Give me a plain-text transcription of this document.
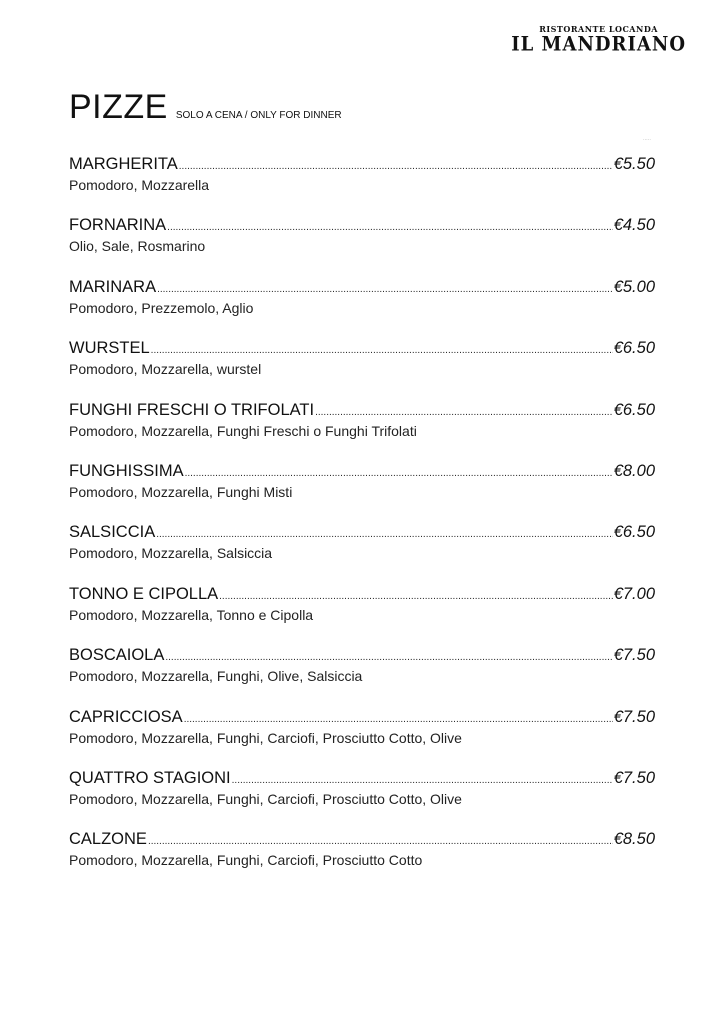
RISTORANTE LOCANDA
IL MANDRIANO
PIZZE SOLO A CENA / ONLY FOR DINNER
.....
MARGHERITA .....	€5.50
Pomodoro, Mozzarella
FORNARINA .....	€4.50
Olio, Sale, Rosmarino
MARINARA .....	€5.00
Pomodoro, Prezzemolo, Aglio
WURSTEL .....	€6.50
Pomodoro, Mozzarella, wurstel
FUNGHI FRESCHI O TRIFOLATI .....	€6.50
Pomodoro, Mozzarella, Funghi Freschi o Funghi Trifolati
FUNGHISSIMA .....	€8.00
Pomodoro, Mozzarella, Funghi Misti
SALSICCIA .....	€6.50
Pomodoro, Mozzarella, Salsiccia
TONNO E CIPOLLA .....	€7.00
Pomodoro, Mozzarella, Tonno e Cipolla
BOSCAIOLA .....	€7.50
Pomodoro, Mozzarella, Funghi, Olive, Salsiccia
CAPRICCIOSA .....	€7.50
Pomodoro, Mozzarella, Funghi, Carciofi, Prosciutto Cotto, Olive
QUATTRO STAGIONI .....	€7.50
Pomodoro, Mozzarella, Funghi, Carciofi, Prosciutto Cotto, Olive
CALZONE .....	€8.50
Pomodoro, Mozzarella, Funghi, Carciofi, Prosciutto Cotto
